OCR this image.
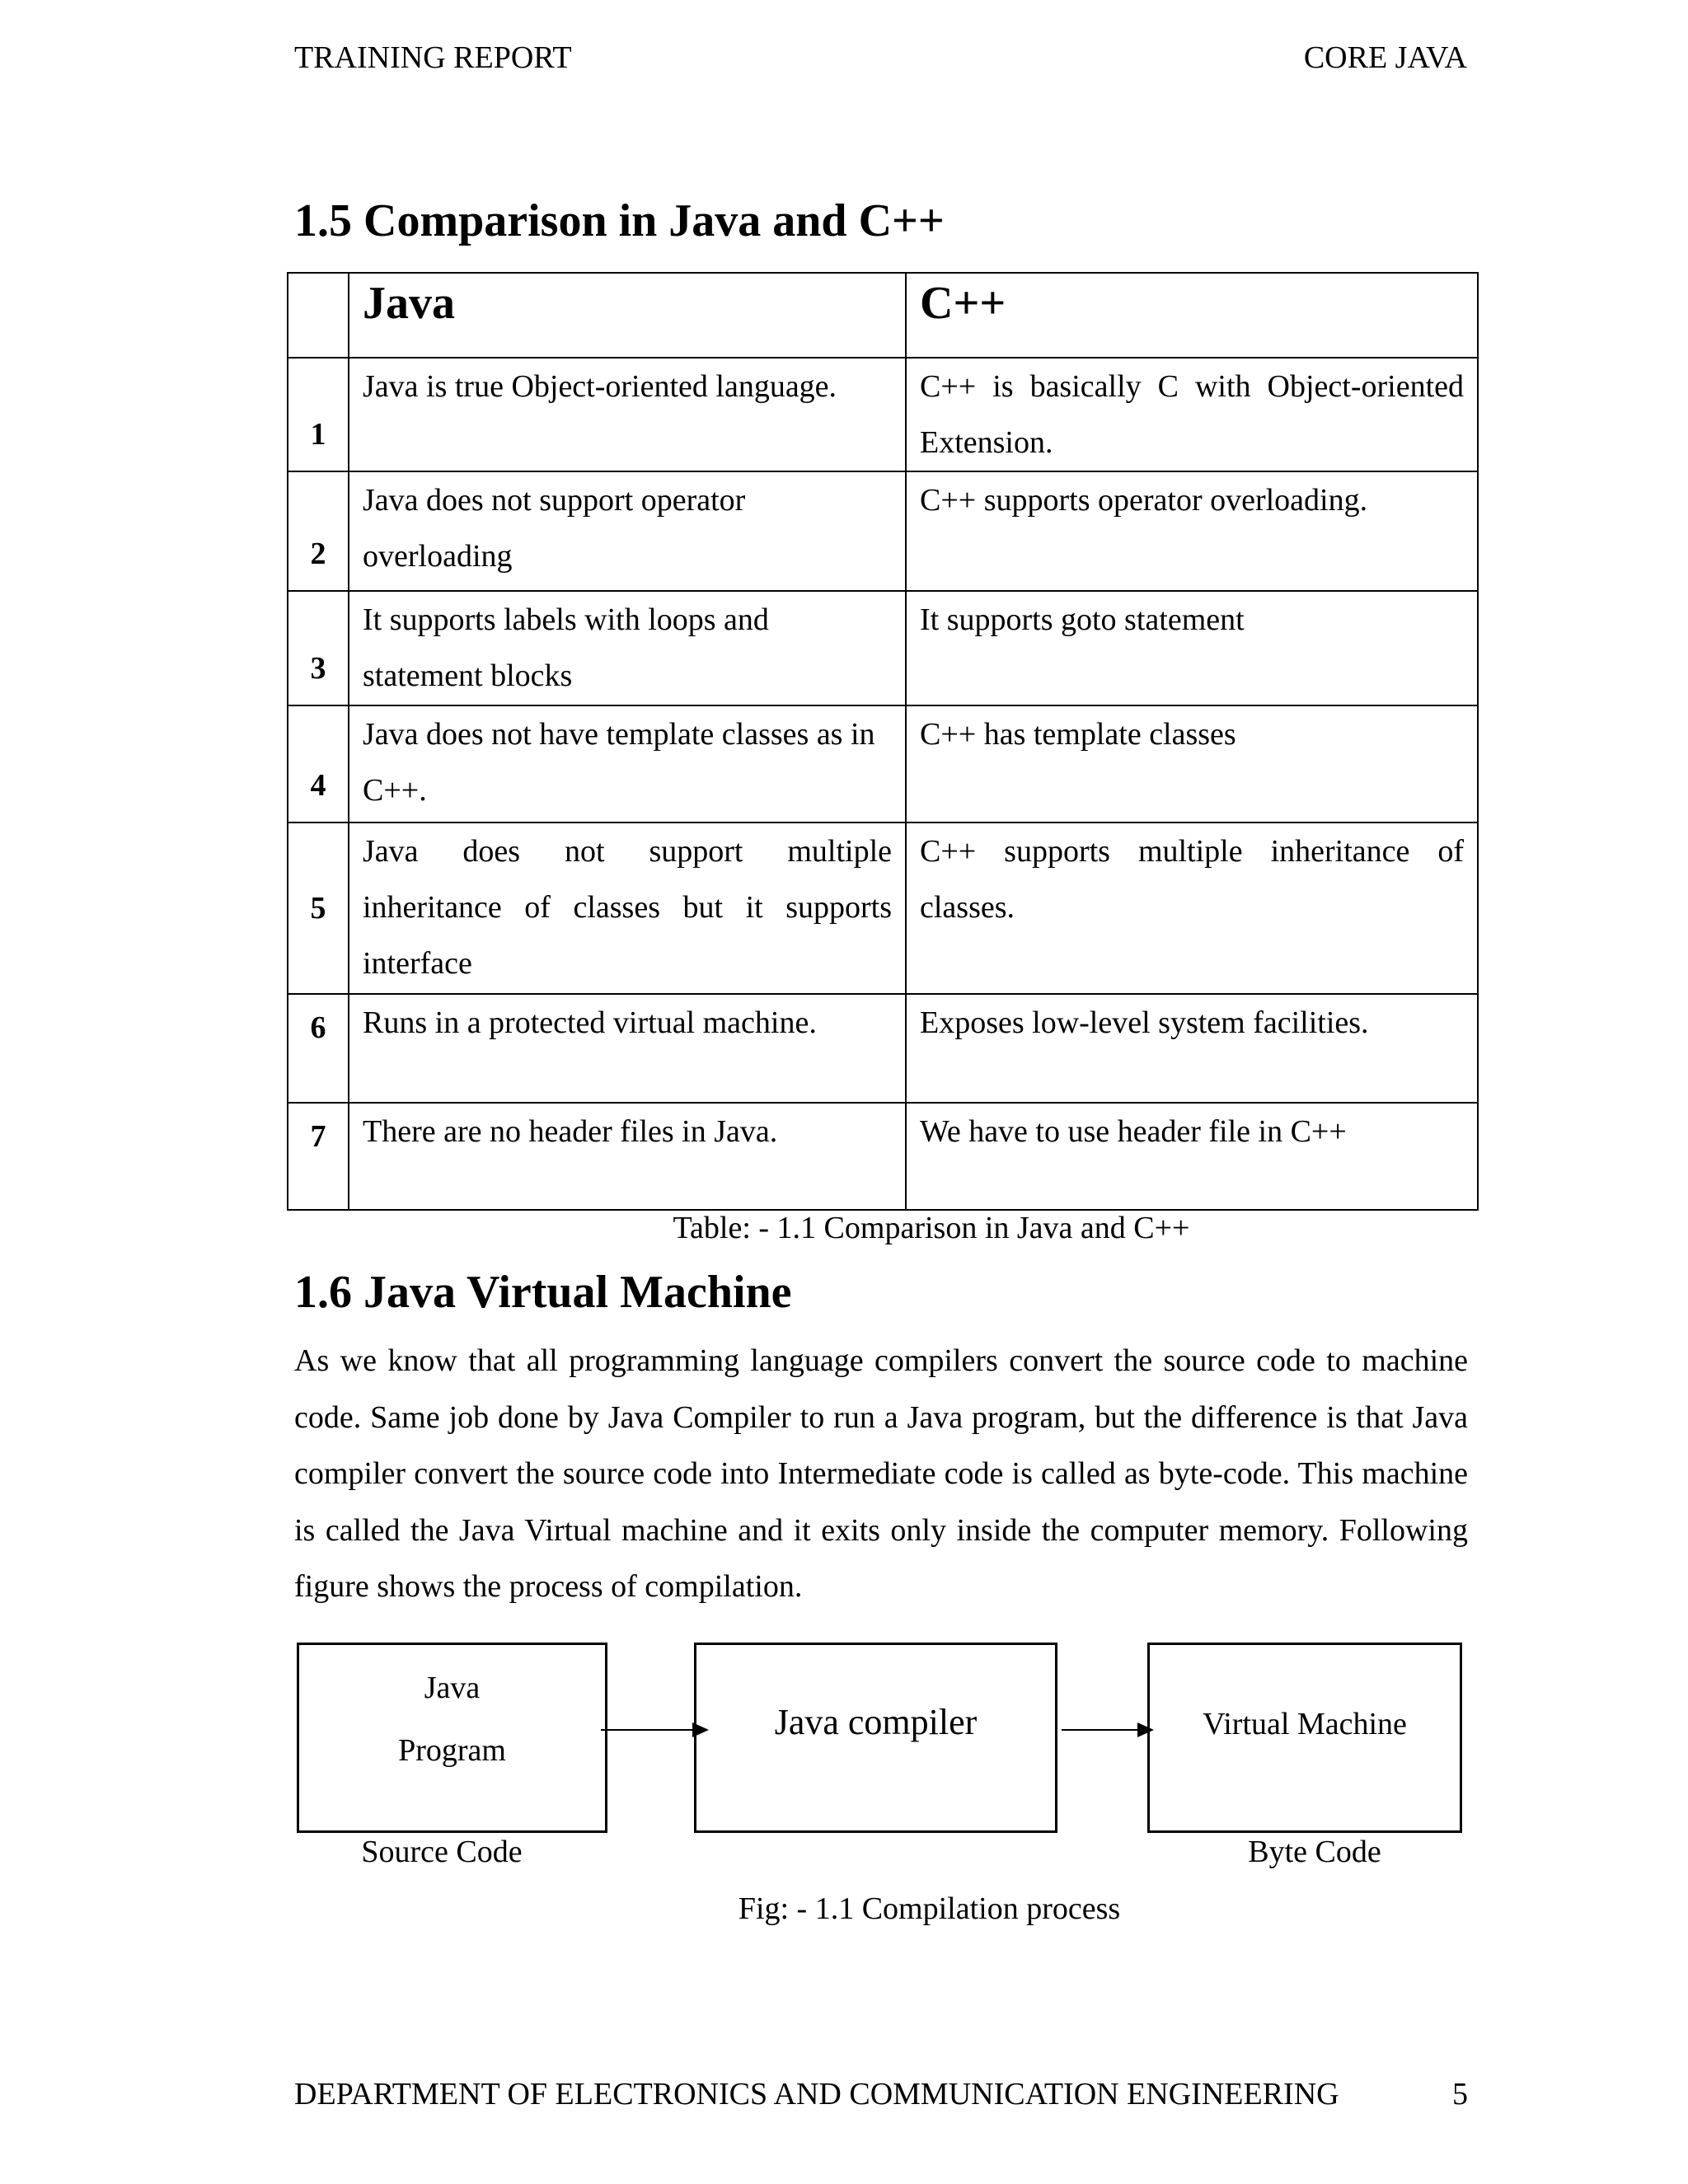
TRAINING REPORT	CORE JAVA
1.5 Comparison in Java and C++
	Java	C++
1	Java is true Object-oriented language.	C++ is basically C with Object-oriented Extension.
2	Java does not support operator overloading	C++ supports operator overloading.
3	It supports labels with loops and statement blocks	It supports goto statement
4	Java does not have template classes as in C++.	C++ has template classes
5	Java does not support multiple inheritance of classes but it supports interface	C++ supports multiple inheritance of classes.
6	Runs in a protected virtual machine.	Exposes low-level system facilities.
7	There are no header files in Java.	We have to use header file in C++
Table: - 1.1 Comparison in Java and C++
1.6 Java Virtual Machine
As we know that all programming language compilers convert the source code to machine code. Same job done by Java Compiler to run a Java program, but the difference is that Java compiler convert the source code into Intermediate code is called as byte-code. This machine is called the Java Virtual machine and it exits only inside the computer memory. Following figure shows the process of compilation.
Java
Program
Java compiler	Virtual Machine
Source Code	Byte Code
Fig: - 1.1 Compilation process
DEPARTMENT OF ELECTRONICS AND COMMUNICATION ENGINEERING	5
